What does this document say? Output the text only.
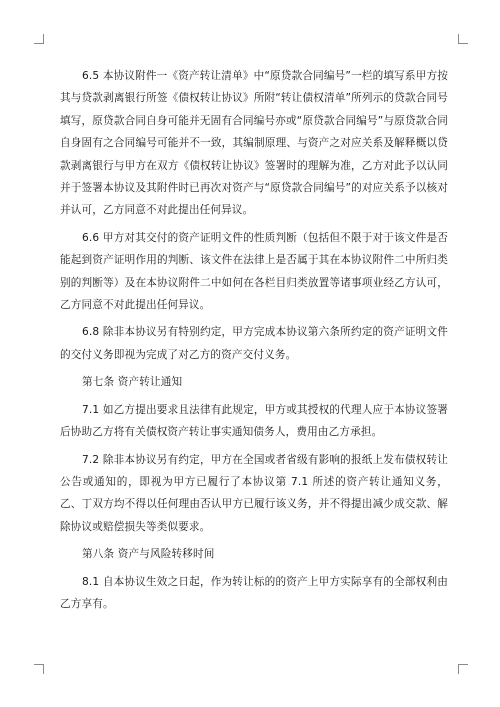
6.5 本协议附件一《资产转让清单》中“原贷款合同编号”一栏的填写系甲方按其与贷款剥离银行所签《债权转让协议》所附“转让债权清单”所列示的贷款合同号填写，原贷款合同自身可能并无固有合同编号亦或“原贷款合同编号”与原贷款合同自身固有之合同编号可能并不一致，其编制原理、与资产之对应关系及解释概以贷款剥离银行与甲方在双方《债权转让协议》签署时的理解为准，乙方对此予以认同并于签署本协议及其附件时已再次对资产与“原贷款合同编号”的对应关系予以核对并认可，乙方同意不对此提出任何异议。

6.6 甲方对其交付的资产证明文件的性质判断（包括但不限于对于该文件是否能起到资产证明作用的判断、该文件在法律上是否属于其在本协议附件二中所归类别的判断等）及在本协议附件二中如何在各栏目归类放置等诸事项业经乙方认可，乙方同意不对此提出任何异议。

6.8 除非本协议另有特别约定，甲方完成本协议第六条所约定的资产证明文件的交付义务即视为完成了对乙方的资产交付义务。

第七条 资产转让通知

7.1 如乙方提出要求且法律有此规定，甲方或其授权的代理人应于本协议签署后协助乙方将有关债权资产转让事实通知债务人，费用由乙方承担。

7.2 除非本协议另有约定，甲方在全国或者省级有影响的报纸上发布债权转让公告或通知的，即视为甲方已履行了本协议第 7.1 所述的资产转让通知义务，乙、丁双方均不得以任何理由否认甲方已履行该义务，并不得提出减少成交款、解除协议或赔偿损失等类似要求。

第八条 资产与风险转移时间

8.1 自本协议生效之日起，作为转让标的的资产上甲方实际享有的全部权利由乙方享有。
